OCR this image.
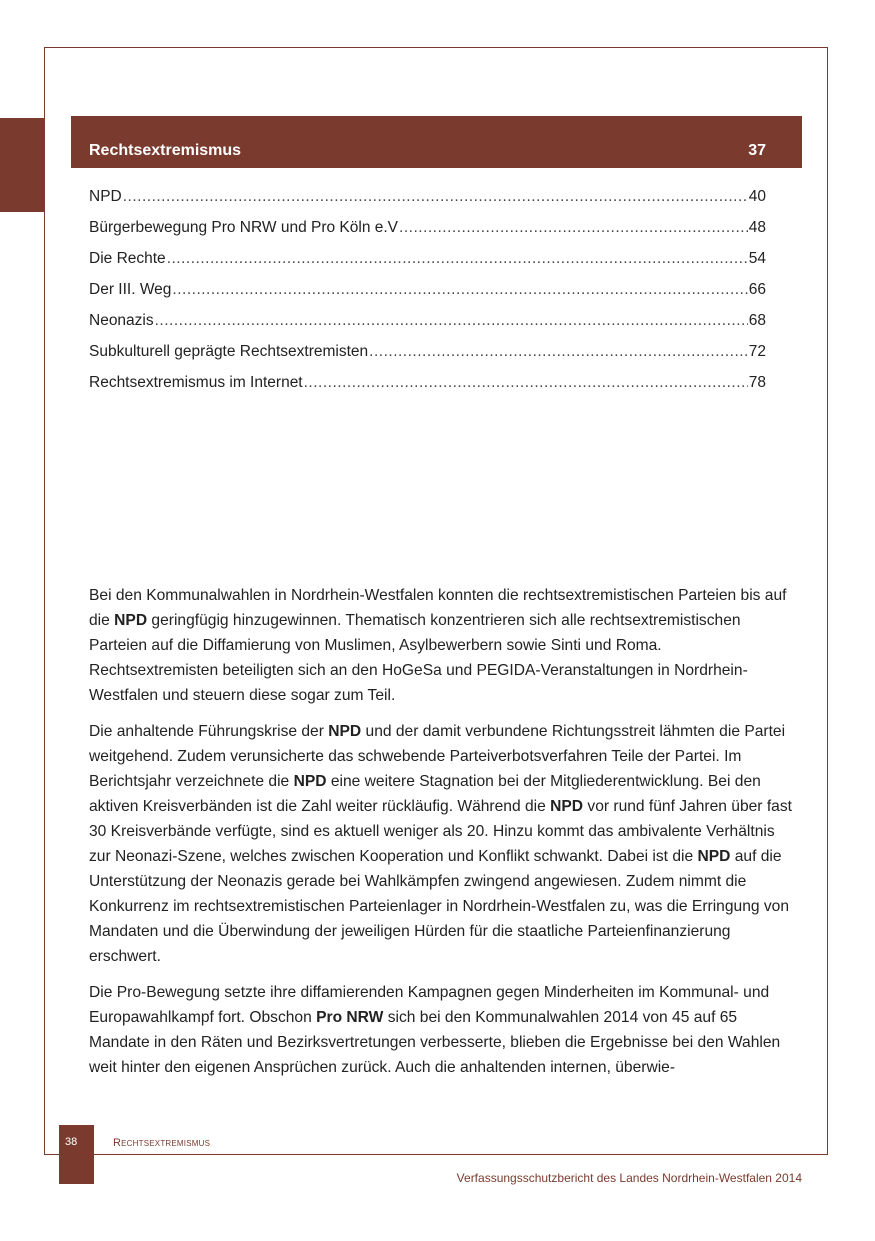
Rechtsextremismus	37
NPD .....	40
Bürgerbewegung Pro NRW und Pro Köln e.V .....	48
Die Rechte .....	54
Der III. Weg .....	66
Neonazis .....	68
Subkulturell geprägte Rechtsextremisten .....	72
Rechtsextremismus im Internet .....	78

Bei den Kommunalwahlen in Nordrhein-Westfalen konnten die rechtsextremistischen Parteien bis auf die NPD geringfügig hinzugewinnen. Thematisch konzentrieren sich alle rechtsextremistischen Parteien auf die Diffamierung von Muslimen, Asylbewerbern sowie Sinti und Roma. Rechtsextremisten beteiligten sich an den HoGeSa und PEGIDA-Veranstaltungen in Nordrhein-Westfalen und steuern diese sogar zum Teil.

Die anhaltende Führungskrise der NPD und der damit verbundene Richtungsstreit lähmten die Partei weitgehend. Zudem verunsicherte das schwebende Parteiverbotsverfahren Teile der Partei. Im Berichtsjahr verzeichnete die NPD eine weitere Stagnation bei der Mitgliederentwicklung. Bei den aktiven Kreisverbänden ist die Zahl weiter rückläufig. Während die NPD vor rund fünf Jahren über fast 30 Kreisverbände verfügte, sind es aktuell weniger als 20. Hinzu kommt das ambivalente Verhältnis zur Neonazi-Szene, welches zwischen Kooperation und Konflikt schwankt. Dabei ist die NPD auf die Unterstützung der Neonazis gerade bei Wahlkämpfen zwingend angewiesen. Zudem nimmt die Konkurrenz im rechtsextremistischen Parteienlager in Nordrhein-Westfalen zu, was die Erringung von Mandaten und die Überwindung der jeweiligen Hürden für die staatliche Parteienfinanzierung erschwert.

Die Pro-Bewegung setzte ihre diffamierenden Kampagnen gegen Minderheiten im Kommunal- und Europawahlkampf fort. Obschon Pro NRW sich bei den Kommunalwahlen 2014 von 45 auf 65 Mandate in den Räten und Bezirksvertretungen verbesserte, blieben die Ergebnisse bei den Wahlen weit hinter den eigenen Ansprüchen zurück. Auch die anhaltenden internen, überwie-

38	Rechtsextremismus
Verfassungsschutzbericht des Landes Nordrhein-Westfalen 2014
